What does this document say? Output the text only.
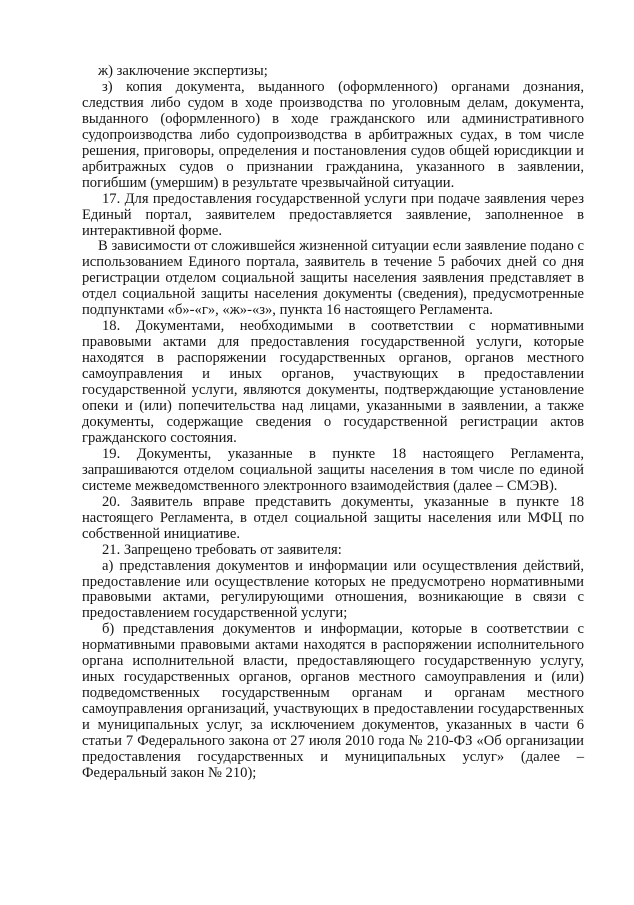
ж) заключение экспертизы;

з) копия документа, выданного (оформленного) органами дознания, следствия либо судом в ходе производства по уголовным делам, документа, выданного (оформленного) в ходе гражданского или административного судопроизводства либо судопроизводства в арбитражных судах, в том числе решения, приговоры, определения и постановления судов общей юрисдикции и арбитражных судов о признании гражданина, указанного в заявлении, погибшим (умершим) в результате чрезвычайной ситуации.

17. Для предоставления государственной услуги при подаче заявления через Единый портал, заявителем предоставляется заявление, заполненное в интерактивной форме.

В зависимости от сложившейся жизненной ситуации если заявление подано с использованием Единого портала, заявитель в течение 5 рабочих дней со дня регистрации отделом социальной защиты населения заявления представляет в отдел социальной защиты населения документы (сведения), предусмотренные подпунктами «б»-«г», «ж»-«з», пункта 16 настоящего Регламента.

18. Документами, необходимыми в соответствии с нормативными правовыми актами для предоставления государственной услуги, которые находятся в распоряжении государственных органов, органов местного самоуправления и иных органов, участвующих в предоставлении государственной услуги, являются документы, подтверждающие установление опеки и (или) попечительства над лицами, указанными в заявлении, а также документы, содержащие сведения о государственной регистрации актов гражданского состояния.

19. Документы, указанные в пункте 18 настоящего Регламента, запрашиваются отделом социальной защиты населения в том числе по единой системе межведомственного электронного взаимодействия (далее – СМЭВ).

20. Заявитель вправе представить документы, указанные в пункте 18 настоящего Регламента, в отдел социальной защиты населения или МФЦ по собственной инициативе.

21. Запрещено требовать от заявителя:

а) представления документов и информации или осуществления действий, предоставление или осуществление которых не предусмотрено нормативными правовыми актами, регулирующими отношения, возникающие в связи с предоставлением государственной услуги;

б) представления документов и информации, которые в соответствии с нормативными правовыми актами находятся в распоряжении исполнительного органа исполнительной власти, предоставляющего государственную услугу, иных государственных органов, органов местного самоуправления и (или) подведомственных государственным органам и органам местного самоуправления организаций, участвующих в предоставлении государственных и муниципальных услуг, за исключением документов, указанных в части 6 статьи 7 Федерального закона от 27 июля 2010 года № 210-ФЗ «Об организации предоставления государственных и муниципальных услуг» (далее – Федеральный закон № 210);
